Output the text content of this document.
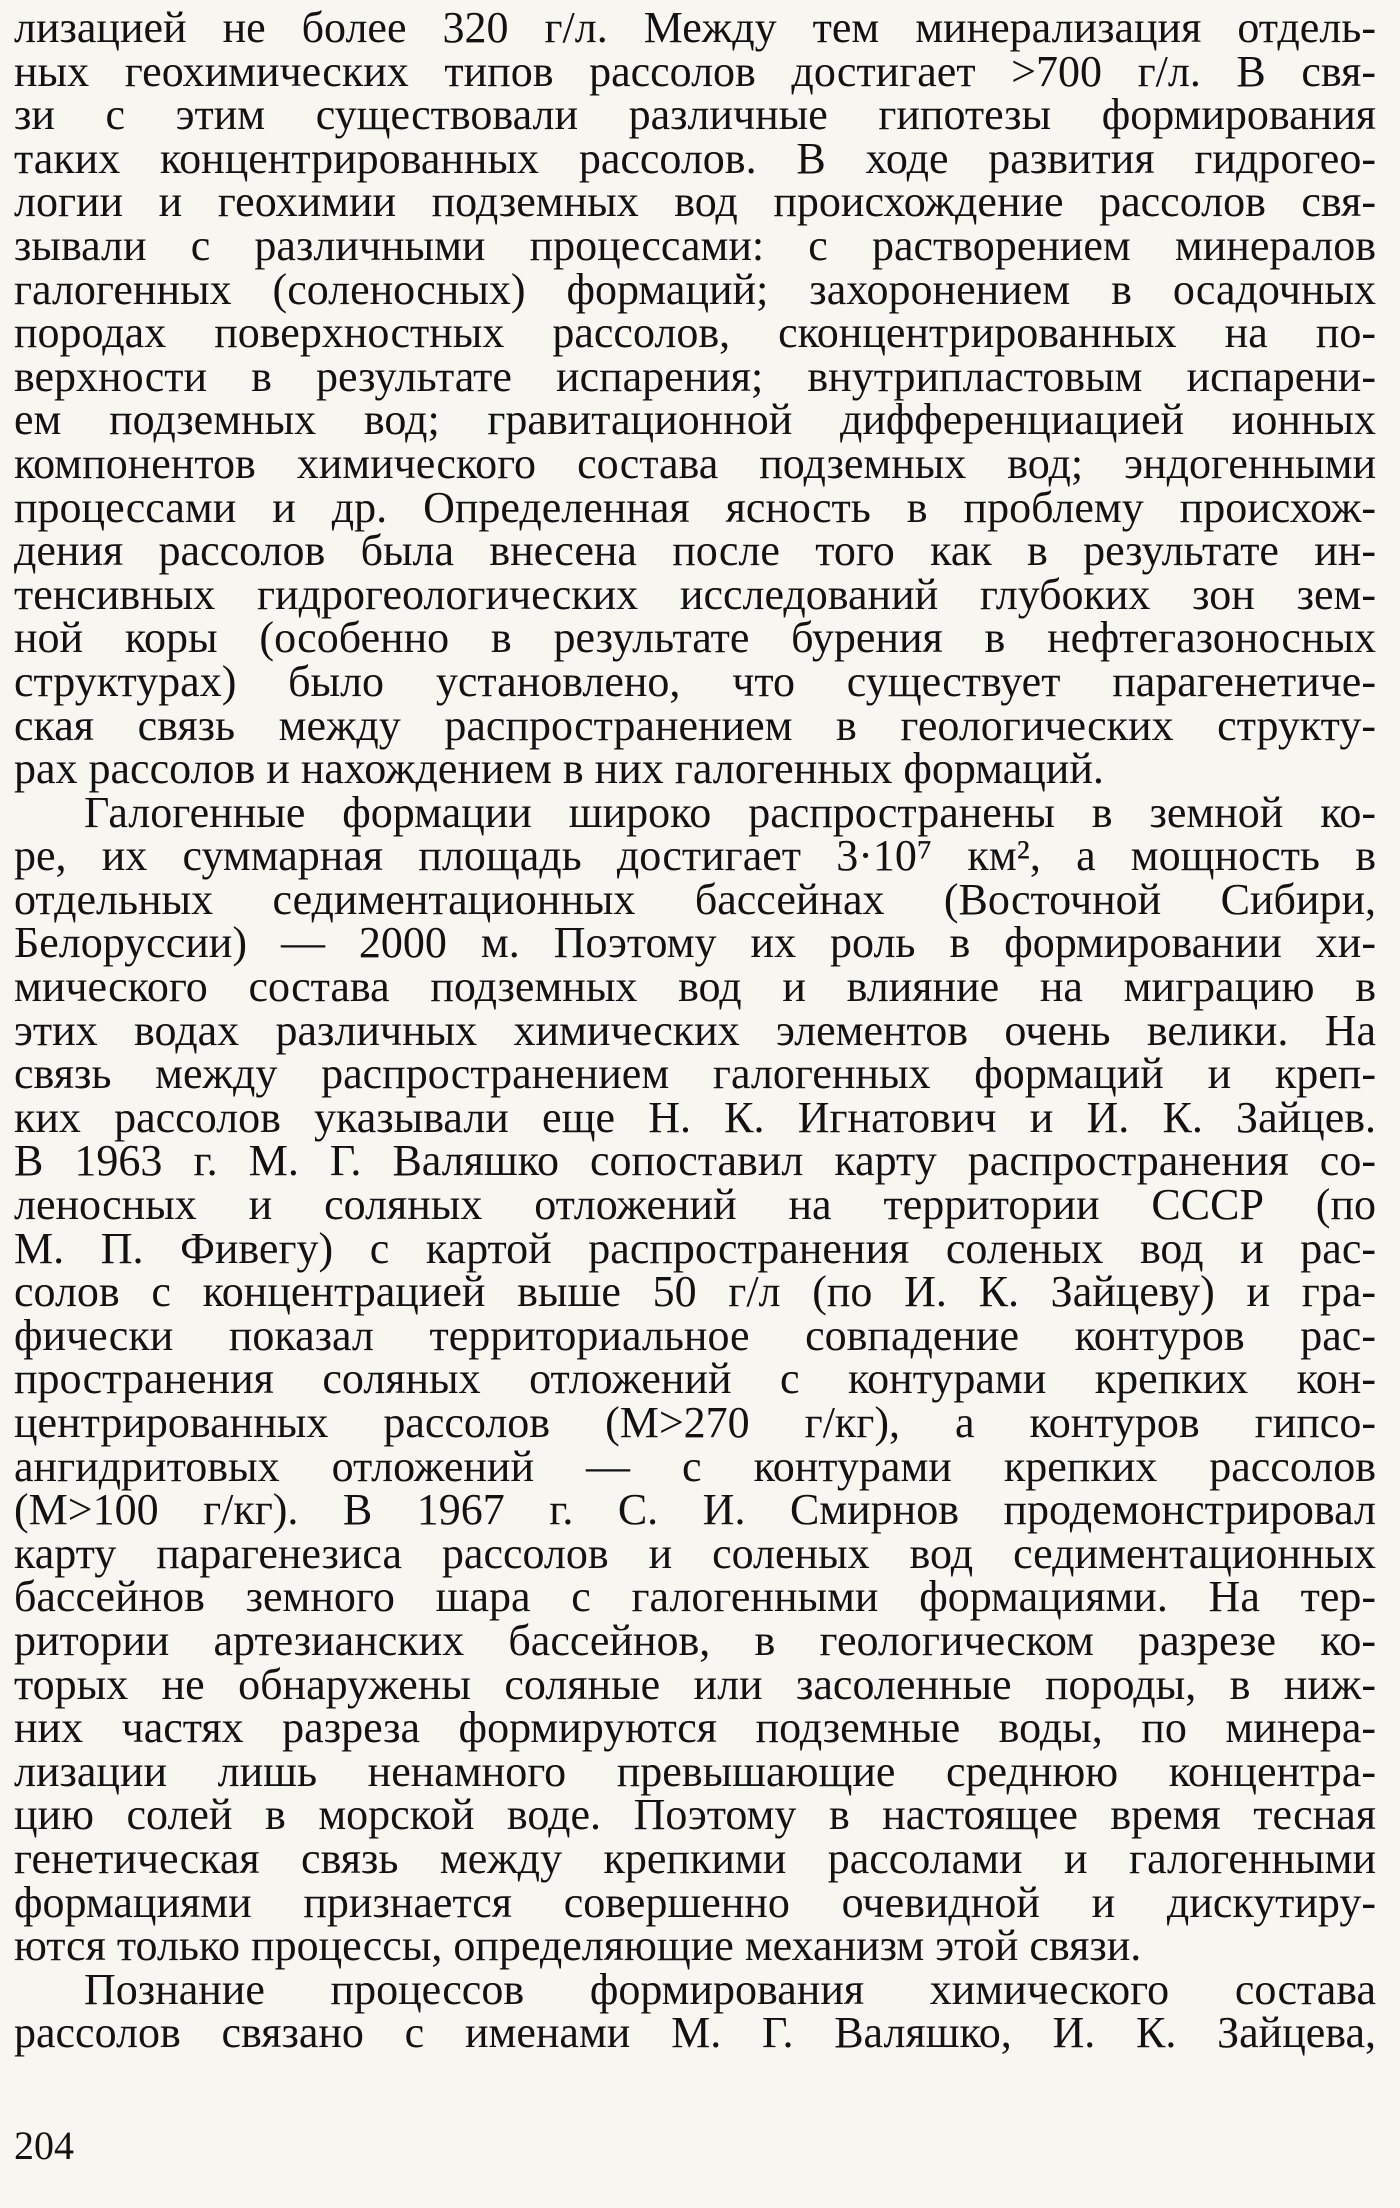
лизацией не более 320 г/л. Между тем минерализация отдель-
ных геохимических типов рассолов достигает >700 г/л. В свя-
зи с этим существовали различные гипотезы формирования
таких концентрированных рассолов. В ходе развития гидрогео-
логии и геохимии подземных вод происхождение рассолов свя-
зывали с различными процессами: с растворением минералов
галогенных (соленосных) формаций; захоронением в осадочных
породах поверхностных рассолов, сконцентрированных на по-
верхности в результате испарения; внутрипластовым испарени-
ем подземных вод; гравитационной дифференциацией ионных
компонентов химического состава подземных вод; эндогенными
процессами и др. Определенная ясность в проблему происхож-
дения рассолов была внесена после того как в результате ин-
тенсивных гидрогеологических исследований глубоких зон зем-
ной коры (особенно в результате бурения в нефтегазоносных
структурах) было установлено, что существует парагенетиче-
ская связь между распространением в геологических структу-
рах рассолов и нахождением в них галогенных формаций.
Галогенные формации широко распространены в земной ко-
ре, их суммарная площадь достигает 3·10⁷ км², а мощность в
отдельных седиментационных бассейнах (Восточной Сибири,
Белоруссии) — 2000 м. Поэтому их роль в формировании хи-
мического состава подземных вод и влияние на миграцию в
этих водах различных химических элементов очень велики. На
связь между распространением галогенных формаций и креп-
ких рассолов указывали еще Н. К. Игнатович и И. К. Зайцев.
В 1963 г. М. Г. Валяшко сопоставил карту распространения со-
леносных и соляных отложений на территории СССР (по
М. П. Фивегу) с картой распространения соленых вод и рас-
солов с концентрацией выше 50 г/л (по И. К. Зайцеву) и гра-
фически показал территориальное совпадение контуров рас-
пространения соляных отложений с контурами крепких кон-
центрированных рассолов (M>270 г/кг), а контуров гипсо-
ангидритовых отложений — с контурами крепких рассолов
(M>100 г/кг). В 1967 г. С. И. Смирнов продемонстрировал
карту парагенезиса рассолов и соленых вод седиментационных
бассейнов земного шара с галогенными формациями. На тер-
ритории артезианских бассейнов, в геологическом разрезе ко-
торых не обнаружены соляные или засоленные породы, в ниж-
них частях разреза формируются подземные воды, по минера-
лизации лишь ненамного превышающие среднюю концентра-
цию солей в морской воде. Поэтому в настоящее время тесная
генетическая связь между крепкими рассолами и галогенными
формациями признается совершенно очевидной и дискутиру-
ются только процессы, определяющие механизм этой связи.
Познание процессов формирования химического состава
рассолов связано с именами М. Г. Валяшко, И. К. Зайцева,
204
